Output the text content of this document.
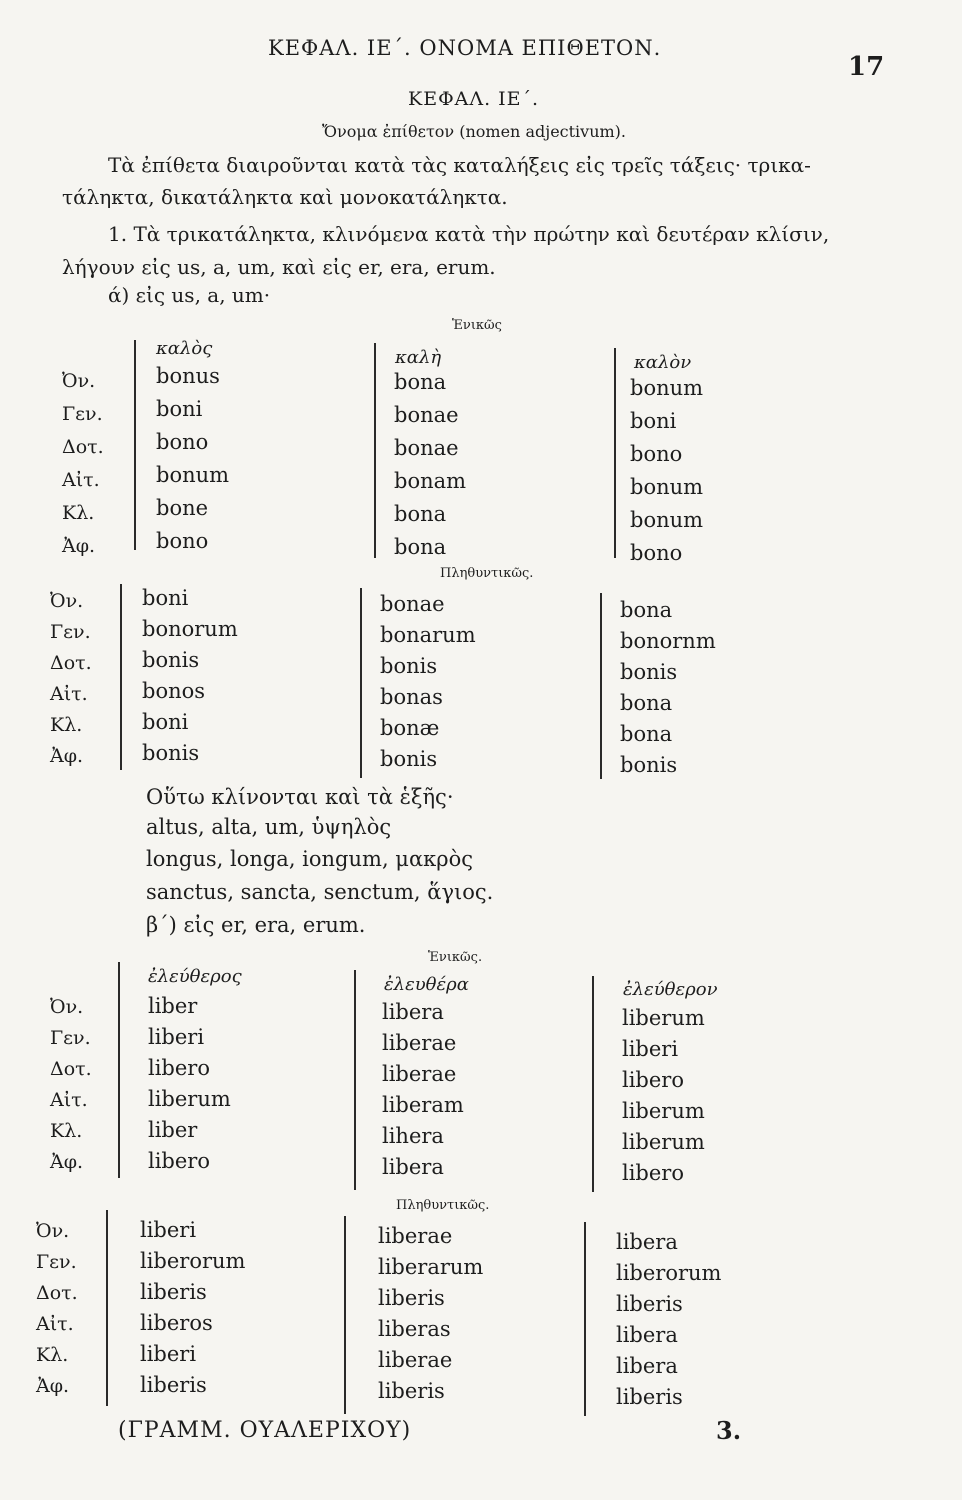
ΚΕΦΑΛ. ΙΕ΄. ΟΝΟΜΑ ΕΠΙΘΕΤΟΝ.
17
ΚΕΦΑΛ. ΙΕ΄.
Ὄνομα ἐπίθετον (nomen adjectivum).
Τὰ ἐπίθετα διαιροῦνται κατὰ τὰς καταλήξεις εἰς τρεῖς τάξεις· τρικα-
τάληκτα, δικατάληκτα καὶ μονοκατάληκτα.
1. Τὰ τρικατάληκτα, κλινόμενα κατὰ τὴν πρώτην καὶ δευτέραν κλίσιν,
λήγουν εἰς us, a, um, καὶ εἰς er, era, erum.
ά) εἰς us, a, um·
Ἑνικῶς
καλὸς	καλὴ	καλὸν
Ὀν.	bonus	bona	bonum
Γεν.	boni	bonae	boni
Δοτ. bono	bonae	bono
Αἰτ.	bonum	bonam	bonum
Κλ.	bone	bona	bonum
Ἀφ.	bono	bona	bono
Πληθυντικῶς.
Ὀν.	boni	bonae	bona
Γεν. bonorum	bonarum	bonornm
Δοτ. bonis	bonis	bonis
Αἰτ.	bonos	bonas	bona
Κλ.	boni	bonæ	bona
Ἀφ.	bonis	bonis	bonis
Οὕτω κλίνονται καὶ τὰ ἑξῆς·
altus, alta, um, ὑψηλὸς
longus, longa, iongum, μακρὸς
sanctus, sancta, senctum, ἅγιος.
β΄) εἰς er, era, erum.
Ἑνικῶς.
ἐλεύθερος	ἐλευθέρα	ἐλεύθερον
Ὀν.	liber	libera	liberum
Γεν.	liberi	liberae	liberi
Δοτ.	libero	liberae	libero
Αἰτ.	liberum	liberam	liberum
Κλ.	liber	lihera	liberum
Ἀφ.	libero	libera	libero
Πληθυντικῶς.
Ὀν.	liberi	liberae	libera
Γεν.	liberorum	liberarum	liberorum
Δοτ.	liberis	liberis	liberis
Αἰτ.	liberos	liberas	libera
Κλ.	liberi	liberae	libera
Ἀφ.	liberis	liberis	liberis
(ΓΡΑΜΜ. ΟΥΑΛΕΡΙΧΟΥ)	3.
